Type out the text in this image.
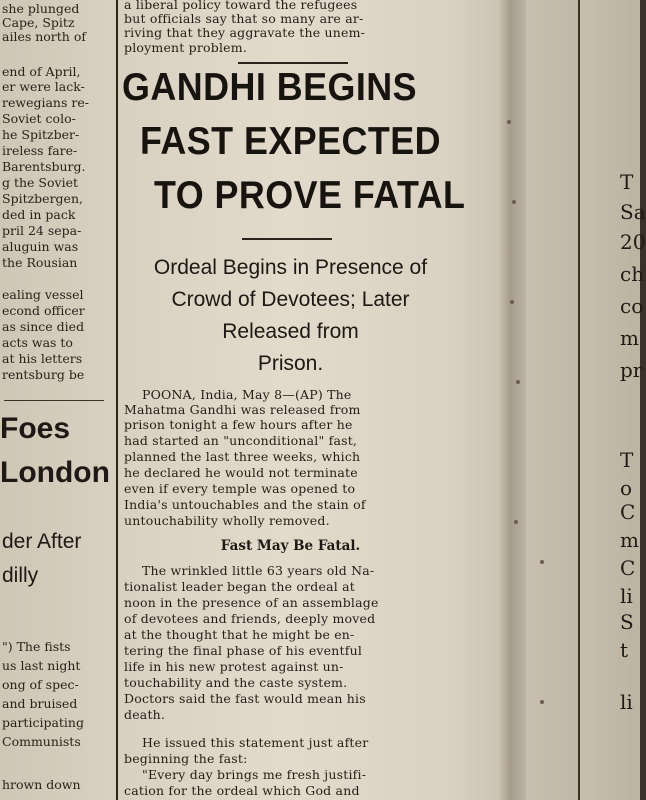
she plunged
Cape, Spitz
ailes north of
end of April,
er were lack-
rewegians re-
Soviet colo-
he Spitzber-
ireless fare-
Barentsburg.
g the Soviet
Spitzbergen,
ded in pack
pril 24 sepa-
aluguin was
the Rousian
ealing vessel
econd officer
as since died
acts was to
at his letters
rentsburg be
Foes
London
der After
dilly
") The fists
us last night
ong of spec-
and bruised
participating
Communists
hrown down
a liberal policy toward the refugees
but officials say that so many are ar-
riving that they aggravate the unem-
ployment problem.
GANDHI BEGINS
FAST EXPECTED
TO PROVE FATAL
Ordeal Begins in Presence of
Crowd of Devotees; Later
Released from
Prison.
POONA, India, May 8—(AP) The
Mahatma Gandhi was released from
prison tonight a few hours after he
had started an "unconditional" fast,
planned the last three weeks, which
he declared he would not terminate
even if every temple was opened to
India's untouchables and the stain of
untouchability wholly removed.
Fast May Be Fatal.
The wrinkled little 63 years old Na-
tionalist leader began the ordeal at
noon in the presence of an assemblage
of devotees and friends, deeply moved
at the thought that he might be en-
tering the final phase of his eventful
life in his new protest against un-
touchability and the caste system.
Doctors said the fast would mean his
death.
He issued this statement just after
beginning the fast:
"Every day brings me fresh justifi-
cation for the ordeal which God and
T
Sa
20
ch
co
m
pr
T
o
C
m
C
li
S
t
li
